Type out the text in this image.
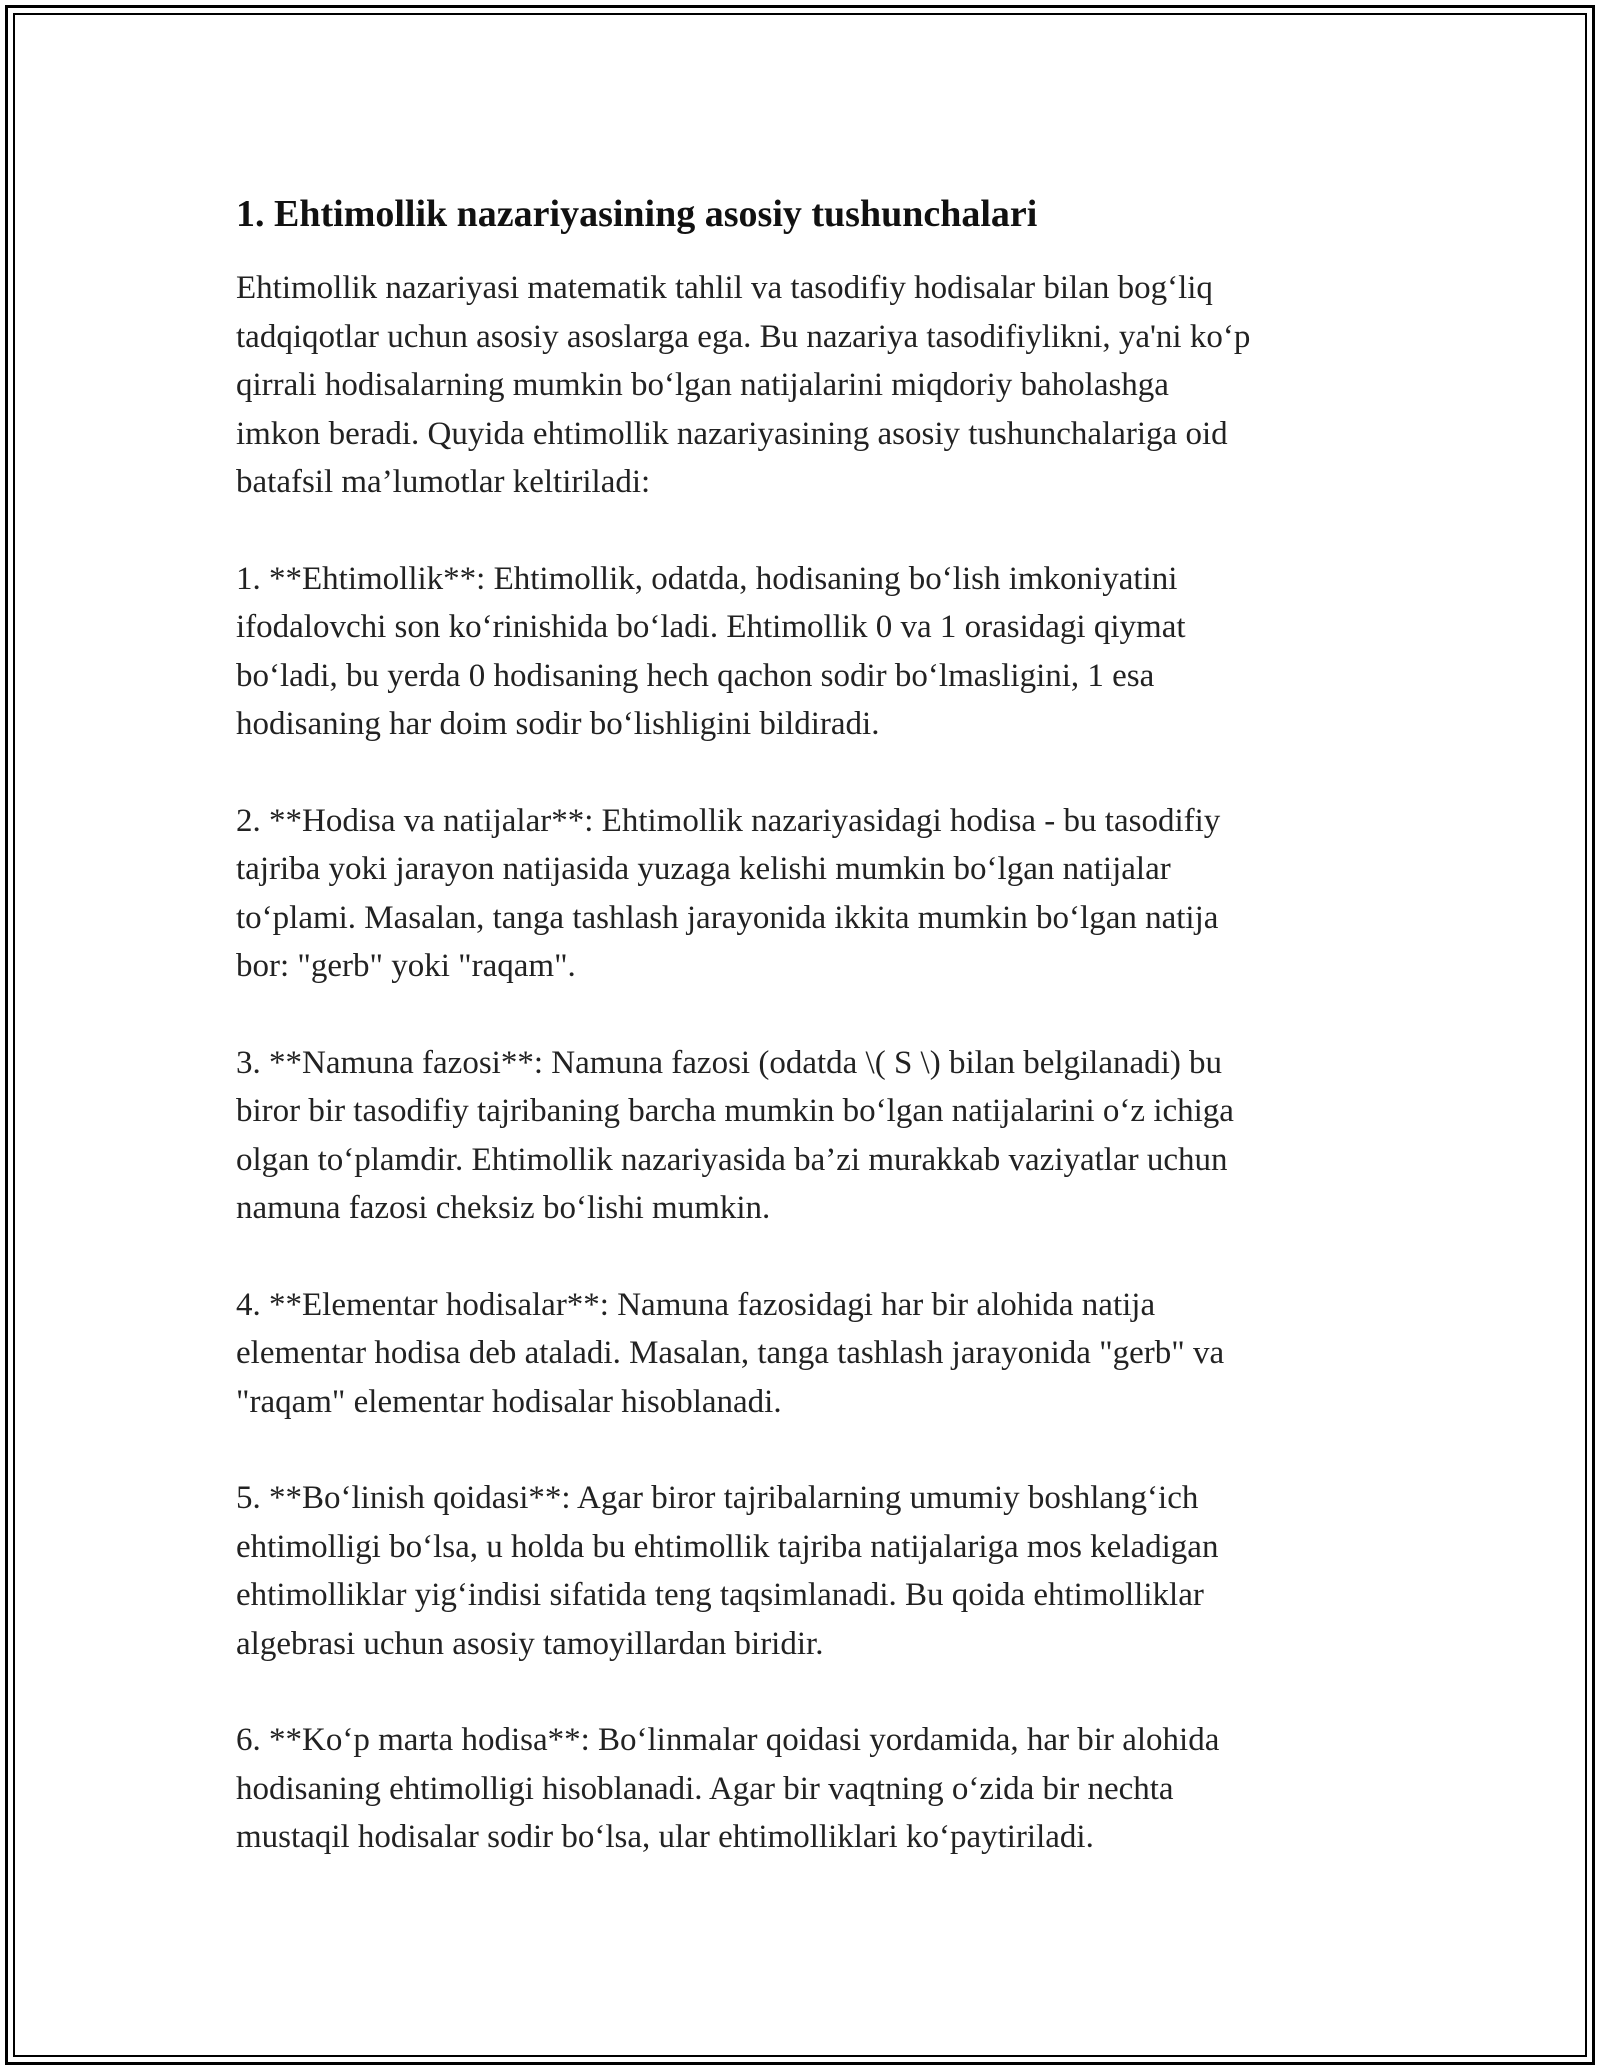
1. Ehtimollik nazariyasining asosiy tushunchalari

Ehtimollik nazariyasi matematik tahlil va tasodifiy hodisalar bilan bog‘liq
tadqiqotlar uchun asosiy asoslarga ega. Bu nazariya tasodifiylikni, ya'ni ko‘p
qirrali hodisalarning mumkin bo‘lgan natijalarini miqdoriy baholashga
imkon beradi. Quyida ehtimollik nazariyasining asosiy tushunchalariga oid
batafsil ma’lumotlar keltiriladi:

1. **Ehtimollik**: Ehtimollik, odatda, hodisaning bo‘lish imkoniyatini
ifodalovchi son ko‘rinishida bo‘ladi. Ehtimollik 0 va 1 orasidagi qiymat
bo‘ladi, bu yerda 0 hodisaning hech qachon sodir bo‘lmasligini, 1 esa
hodisaning har doim sodir bo‘lishligini bildiradi.

2. **Hodisa va natijalar**: Ehtimollik nazariyasidagi hodisa - bu tasodifiy
tajriba yoki jarayon natijasida yuzaga kelishi mumkin bo‘lgan natijalar
to‘plami. Masalan, tanga tashlash jarayonida ikkita mumkin bo‘lgan natija
bor: "gerb" yoki "raqam".

3. **Namuna fazosi**: Namuna fazosi (odatda \( S \) bilan belgilanadi) bu
biror bir tasodifiy tajribaning barcha mumkin bo‘lgan natijalarini o‘z ichiga
olgan to‘plamdir. Ehtimollik nazariyasida ba’zi murakkab vaziyatlar uchun
namuna fazosi cheksiz bo‘lishi mumkin.

4. **Elementar hodisalar**: Namuna fazosidagi har bir alohida natija
elementar hodisa deb ataladi. Masalan, tanga tashlash jarayonida "gerb" va
"raqam" elementar hodisalar hisoblanadi.

5. **Bo‘linish qoidasi**: Agar biror tajribalarning umumiy boshlang‘ich
ehtimolligi bo‘lsa, u holda bu ehtimollik tajriba natijalariga mos keladigan
ehtimolliklar yig‘indisi sifatida teng taqsimlanadi. Bu qoida ehtimolliklar
algebrasi uchun asosiy tamoyillardan biridir.

6. **Ko‘p marta hodisa**: Bo‘linmalar qoidasi yordamida, har bir alohida
hodisaning ehtimolligi hisoblanadi. Agar bir vaqtning o‘zida bir nechta
mustaqil hodisalar sodir bo‘lsa, ular ehtimolliklari ko‘paytiriladi.
